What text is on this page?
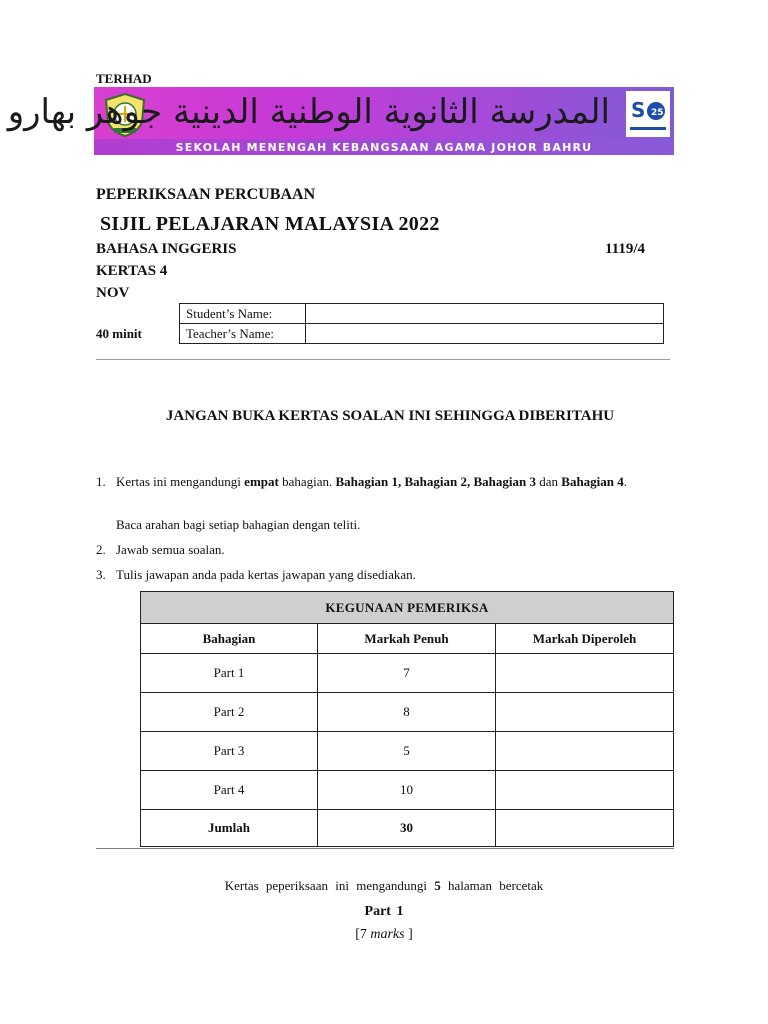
TERHAD
المدرسة الثانوية الوطنية الدينية جوهر بهارو S 25
SEKOLAH MENENGAH KEBANGSAAN AGAMA JOHOR BAHRU
PEPERIKSAAN PERCUBAAN
SIJIL PELAJARAN MALAYSIA 2022
BAHASA INGGERIS	1119/4
KERTAS 4
NOV
40 minit
Student’s Name:	
Teacher’s Name:	
JANGAN BUKA KERTAS SOALAN INI SEHINGGA DIBERITAHU
1. Kertas ini mengandungi empat bahagian. Bahagian 1, Bahagian 2, Bahagian 3 dan Bahagian 4.
Baca arahan bagi setiap bahagian dengan teliti.
2. Jawab semua soalan.
3. Tulis jawapan anda pada kertas jawapan yang disediakan.
KEGUNAAN PEMERIKSA		
Bahagian	Markah Penuh	Markah Diperoleh
Part 1	7	
Part 2	8	
Part 3	5	
Part 4	10	
Jumlah	30	
Kertas peperiksaan ini mengandungi 5 halaman bercetak
Part 1
[7 marks ]
